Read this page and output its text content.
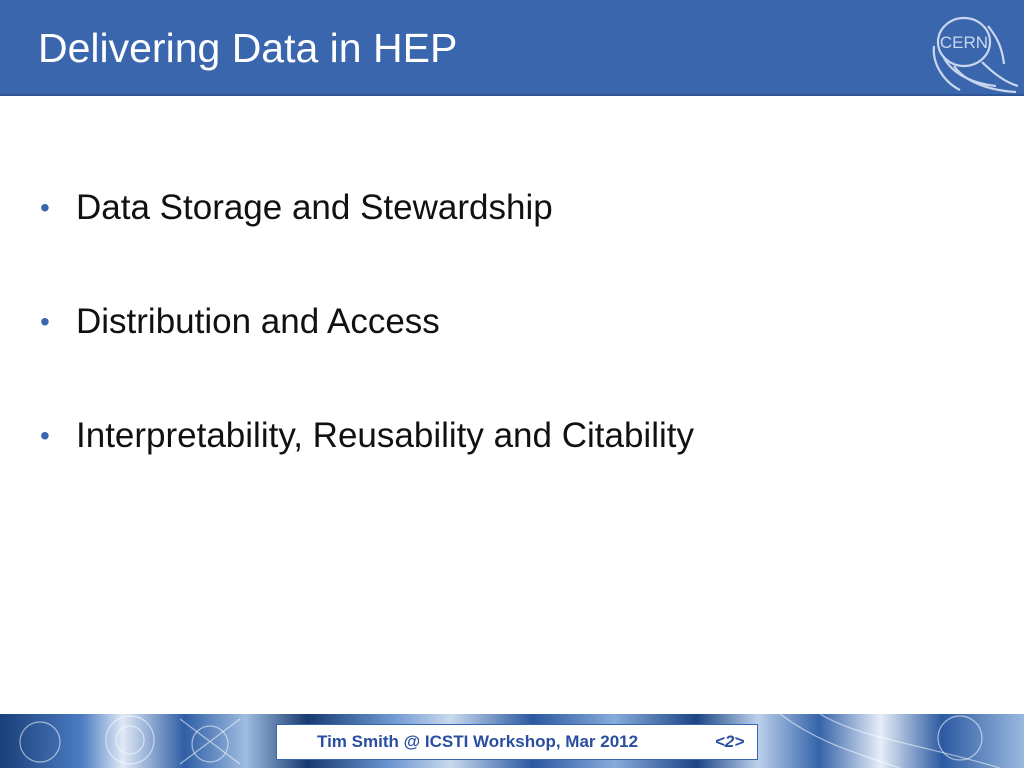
Delivering Data in HEP	CERN
• Data Storage and Stewardship
• Distribution and Access
• Interpretability, Reusability and Citability
Tim Smith @ ICSTI Workshop, Mar 2012	<2>
